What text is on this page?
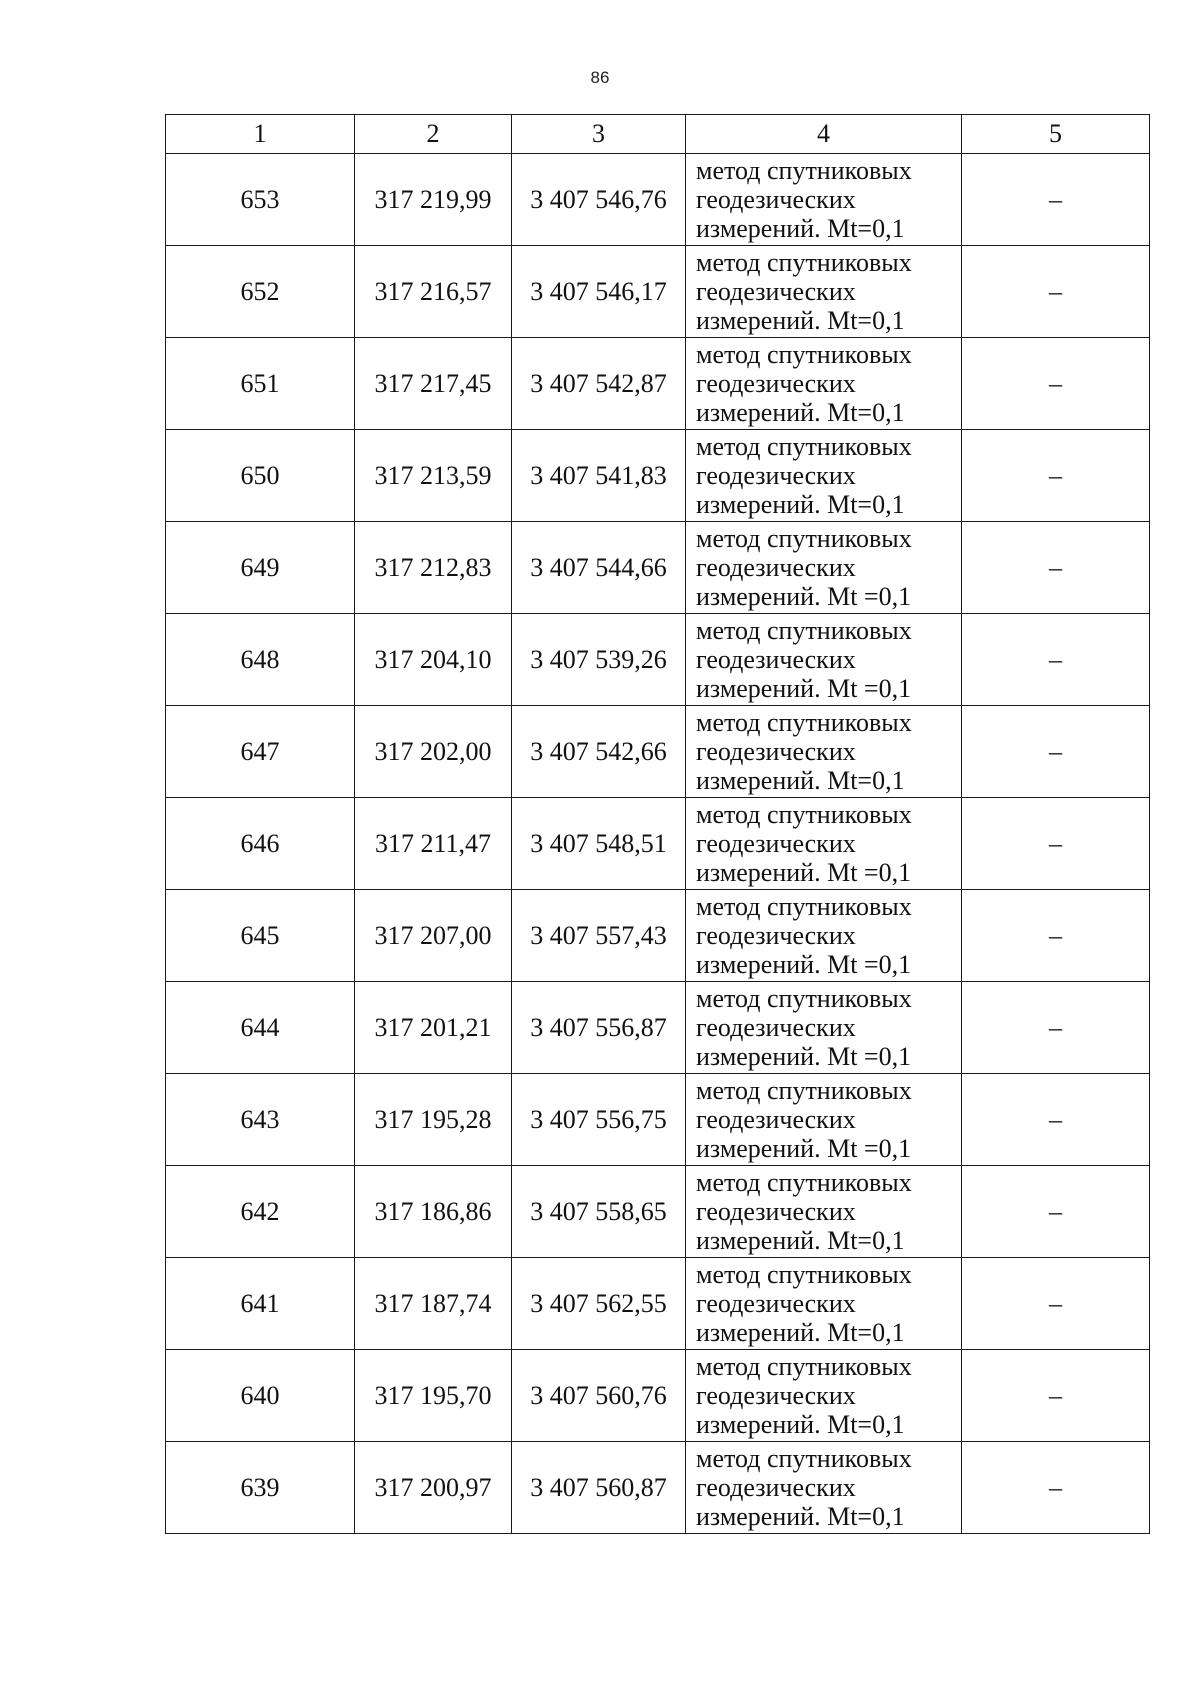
86
1	2	3	4	5
653	317 219,99	3 407 546,76	метод спутниковых
геодезических
измерений. Mt=0,1	–
652	317 216,57	3 407 546,17	метод спутниковых
геодезических
измерений. Mt=0,1	–
651	317 217,45	3 407 542,87	метод спутниковых
геодезических
измерений. Mt=0,1	–
650	317 213,59	3 407 541,83	метод спутниковых
геодезических
измерений. Mt=0,1	–
649	317 212,83	3 407 544,66	метод спутниковых
геодезических
измерений. Mt =0,1	–
648	317 204,10	3 407 539,26	метод спутниковых
геодезических
измерений. Mt =0,1	–
647	317 202,00	3 407 542,66	метод спутниковых
геодезических
измерений. Mt=0,1	–
646	317 211,47	3 407 548,51	метод спутниковых
геодезических
измерений. Mt =0,1	–
645	317 207,00	3 407 557,43	метод спутниковых
геодезических
измерений. Mt =0,1	–
644	317 201,21	3 407 556,87	метод спутниковых
геодезических
измерений. Mt =0,1	–
643	317 195,28	3 407 556,75	метод спутниковых
геодезических
измерений. Mt =0,1	–
642	317 186,86	3 407 558,65	метод спутниковых
геодезических
измерений. Mt=0,1	–
641	317 187,74	3 407 562,55	метод спутниковых
геодезических
измерений. Mt=0,1	–
640	317 195,70	3 407 560,76	метод спутниковых
геодезических
измерений. Mt=0,1	–
639	317 200,97	3 407 560,87	метод спутниковых
геодезических
измерений. Mt=0,1	–
